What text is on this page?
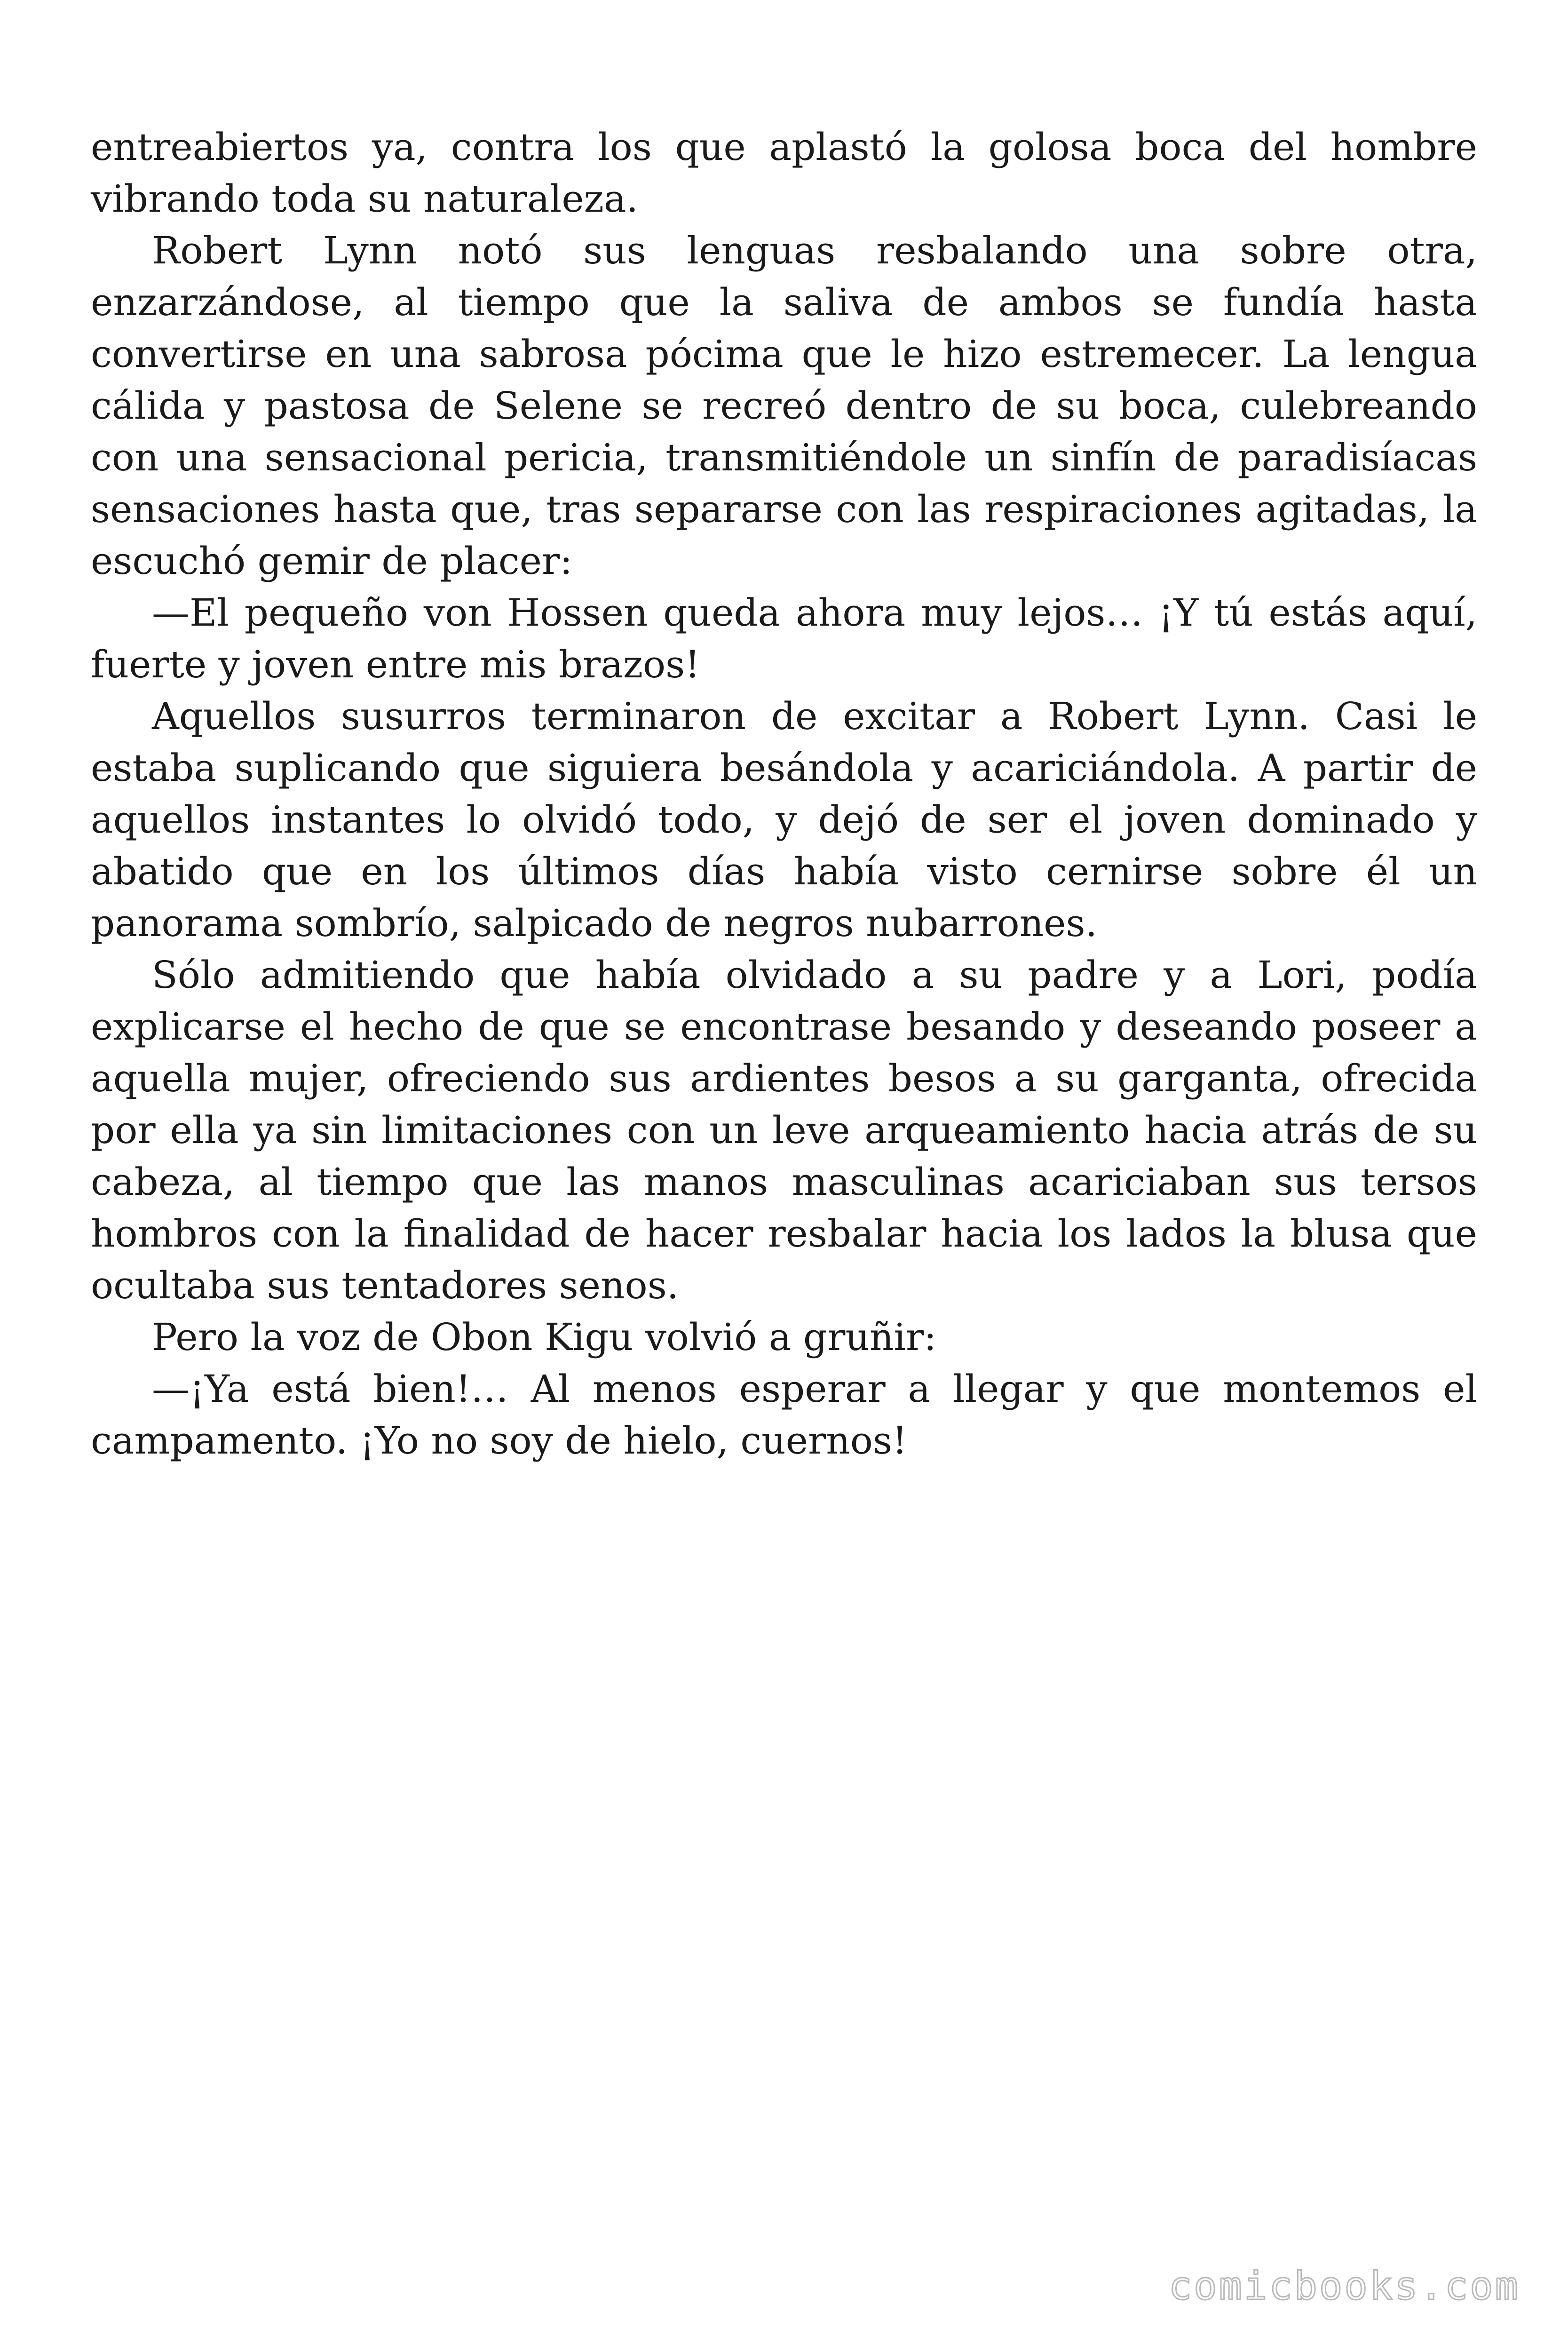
entreabiertos ya, contra los que aplastó la golosa boca del hombre vibrando toda su naturaleza.

Robert Lynn notó sus lenguas resbalando una sobre otra, enzarzándose, al tiempo que la saliva de ambos se fundía hasta convertirse en una sabrosa pócima que le hizo estremecer. La lengua cálida y pastosa de Selene se recreó dentro de su boca, culebreando con una sensacional pericia, transmitiéndole un sinfín de paradisíacas sensaciones hasta que, tras separarse con las respiraciones agitadas, la escuchó gemir de placer:

—El pequeño von Hossen queda ahora muy lejos… ¡Y tú estás aquí, fuerte y joven entre mis brazos!

Aquellos susurros terminaron de excitar a Robert Lynn. Casi le estaba suplicando que siguiera besándola y acariciándola. A partir de aquellos instantes lo olvidó todo, y dejó de ser el joven dominado y abatido que en los últimos días había visto cernirse sobre él un panorama sombrío, salpicado de negros nubarrones.

Sólo admitiendo que había olvidado a su padre y a Lori, podía explicarse el hecho de que se encontrase besando y deseando poseer a aquella mujer, ofreciendo sus ardientes besos a su garganta, ofrecida por ella ya sin limitaciones con un leve arqueamiento hacia atrás de su cabeza, al tiempo que las manos masculinas acariciaban sus tersos hombros con la finalidad de hacer resbalar hacia los lados la blusa que ocultaba sus tentadores senos.

Pero la voz de Obon Kigu volvió a gruñir:

—¡Ya está bien!… Al menos esperar a llegar y que montemos el campamento. ¡Yo no soy de hielo, cuernos!

comicbooks.com
